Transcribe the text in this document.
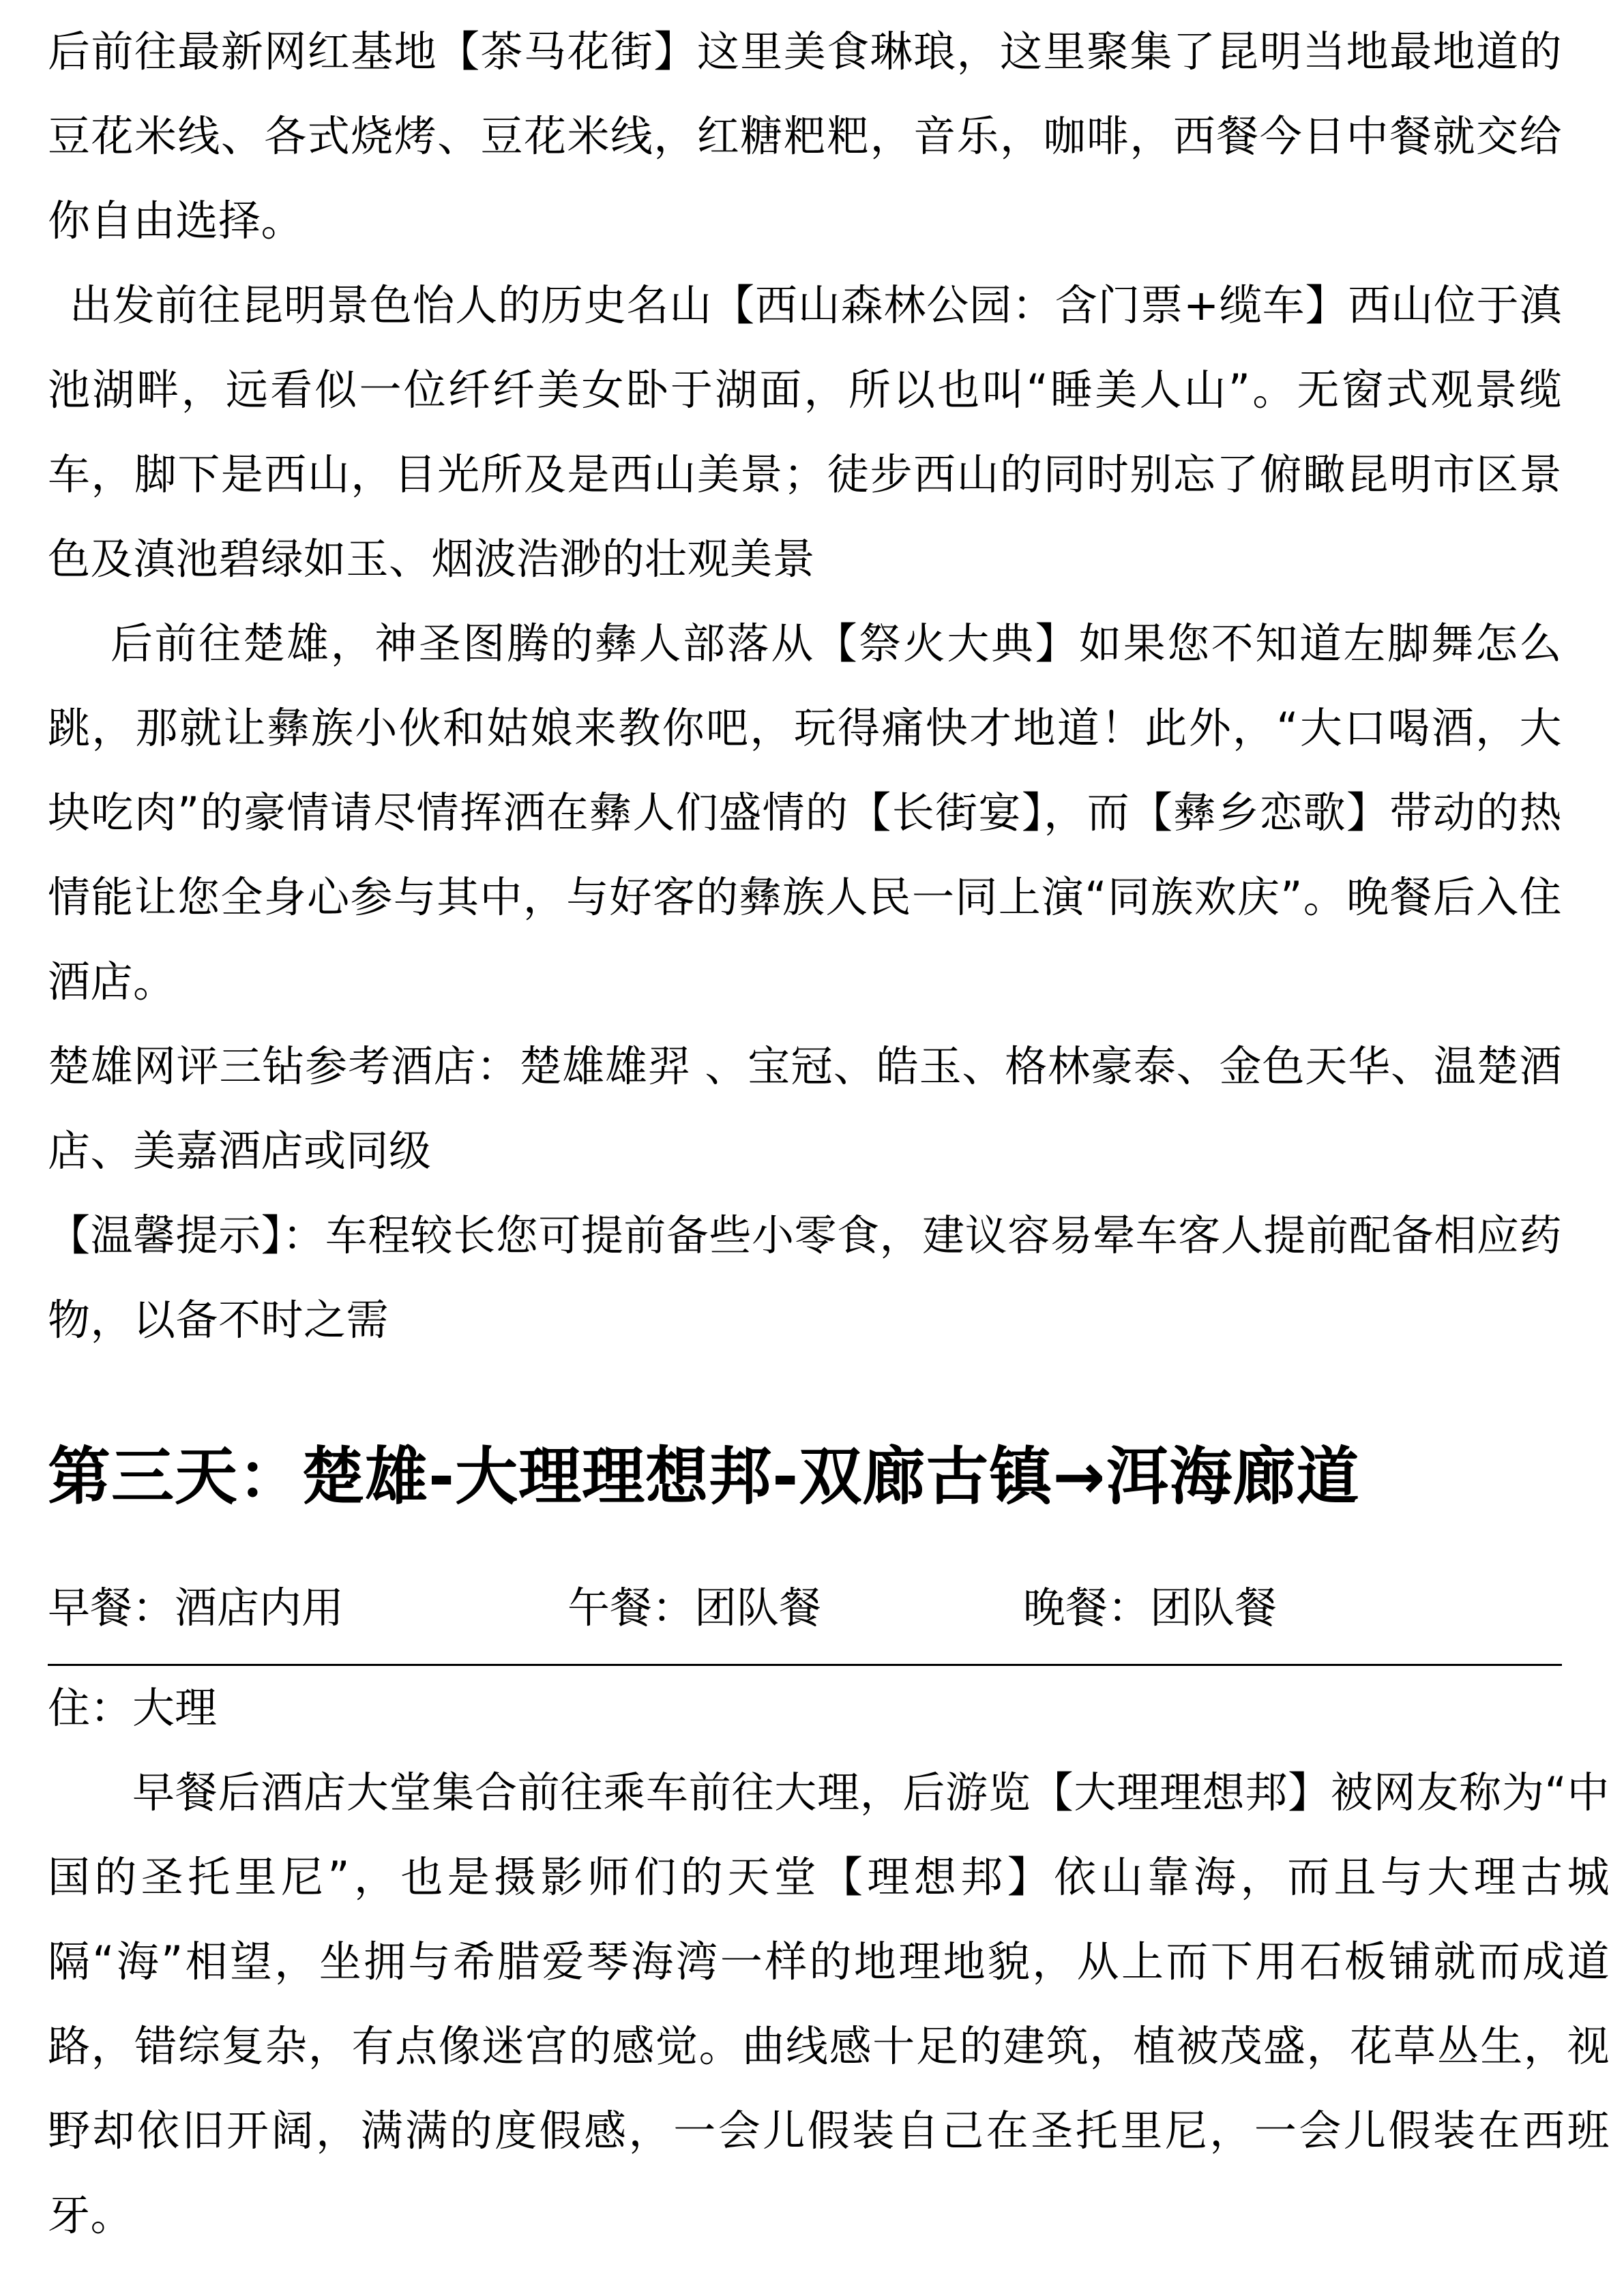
后前往最新网红基地【茶马花街】这里美食琳琅，这里聚集了昆明当地最地道的豆花米线、各式烧烤、豆花米线，红糖粑粑，音乐，咖啡，西餐今日中餐就交给你自由选择。

出发前往昆明景色怡人的历史名山【西山森林公园：含门票+缆车】西山位于滇池湖畔，远看似一位纤纤美女卧于湖面，所以也叫“睡美人山”。无窗式观景缆车，脚下是西山，目光所及是西山美景；徒步西山的同时别忘了俯瞰昆明市区景色及滇池碧绿如玉、烟波浩渺的壮观美景

后前往楚雄，神圣图腾的彝人部落从【祭火大典】如果您不知道左脚舞怎么跳，那就让彝族小伙和姑娘来教你吧，玩得痛快才地道！此外，“大口喝酒，大块吃肉”的豪情请尽情挥洒在彝人们盛情的【长街宴】，而【彝乡恋歌】带动的热情能让您全身心参与其中，与好客的彝族人民一同上演“同族欢庆”。晚餐后入住酒店。

楚雄网评三钻参考酒店：楚雄雄羿 、宝冠、皓玉、格林豪泰、金色天华、温楚酒店、美嘉酒店或同级

【温馨提示】：车程较长您可提前备些小零食，建议容易晕车客人提前配备相应药物，以备不时之需

第三天：楚雄-大理理想邦-双廊古镇→洱海廊道
早餐：酒店内用	午餐：团队餐	晚餐：团队餐

住：大理

早餐后酒店大堂集合前往乘车前往大理，后游览【大理理想邦】被网友称为“中国的圣托里尼”，也是摄影师们的天堂【理想邦】依山靠海，而且与大理古城隔“海”相望，坐拥与希腊爱琴海湾一样的地理地貌，从上而下用石板铺就而成道路，错综复杂，有点像迷宫的感觉。曲线感十足的建筑，植被茂盛，花草丛生，视野却依旧开阔，满满的度假感，一会儿假装自己在圣托里尼，一会儿假装在西班牙。
